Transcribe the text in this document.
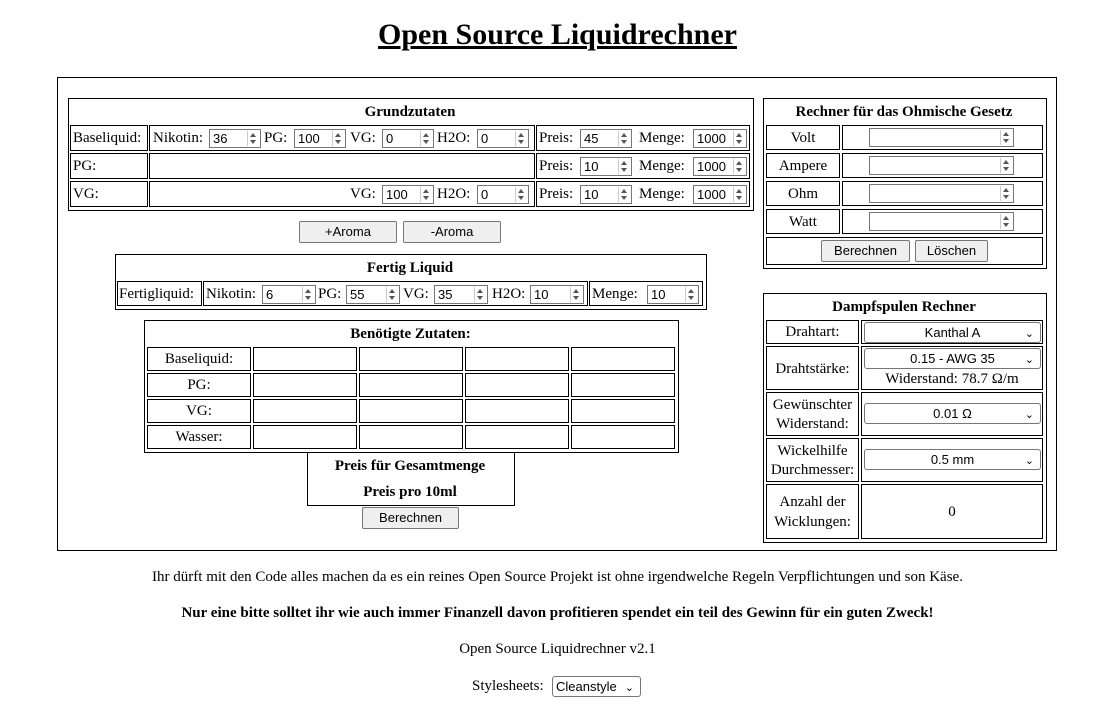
Open Source Liquidrechner
Grundzutaten
Baseliquid: Nikotin: 36 PG: 100 VG: 0	H2O: 0	Preis: 45	Menge: 1000
PG:	Preis: 10	Menge: 1000
VG:	VG: 100 H2O: 0	Preis: 10	Menge: 1000
+Aroma	-Aroma
Fertig Liquid
Fertigliquid: Nikotin: 6	PG: 55	VG: 35	H2O: 10	Menge: 10
Benötigte Zutaten:
Baseliquid:
PG:
VG:
Wasser:
Preis für Gesamtmenge
Preis pro 10ml
Berechnen
Rechner für das Ohmische Gesetz
Volt
Ampere
Ohm
Watt
Berechnen	Löschen
Dampfspulen Rechner
Drahtart:	Kanthal A	⌄
Drahtstärke:
0.15 - AWG 35	⌄
Widerstand: 78.7 Ω/m
Gewünschter
Widerstand:
0.01 Ω	⌄
Wickelhilfe
Durchmesser:
0.5 mm	⌄
Anzahl der
Wicklungen:
0
Ihr dürft mit den Code alles machen da es ein reines Open Source Projekt ist ohne irgendwelche Regeln Verpflichtungen und son Käse.
Nur eine bitte solltet ihr wie auch immer Finanzell davon profitieren spendet ein teil des Gewinn für ein guten Zweck!
Open Source Liquidrechner v2.1
Stylesheets: Cleanstyle ⌄
